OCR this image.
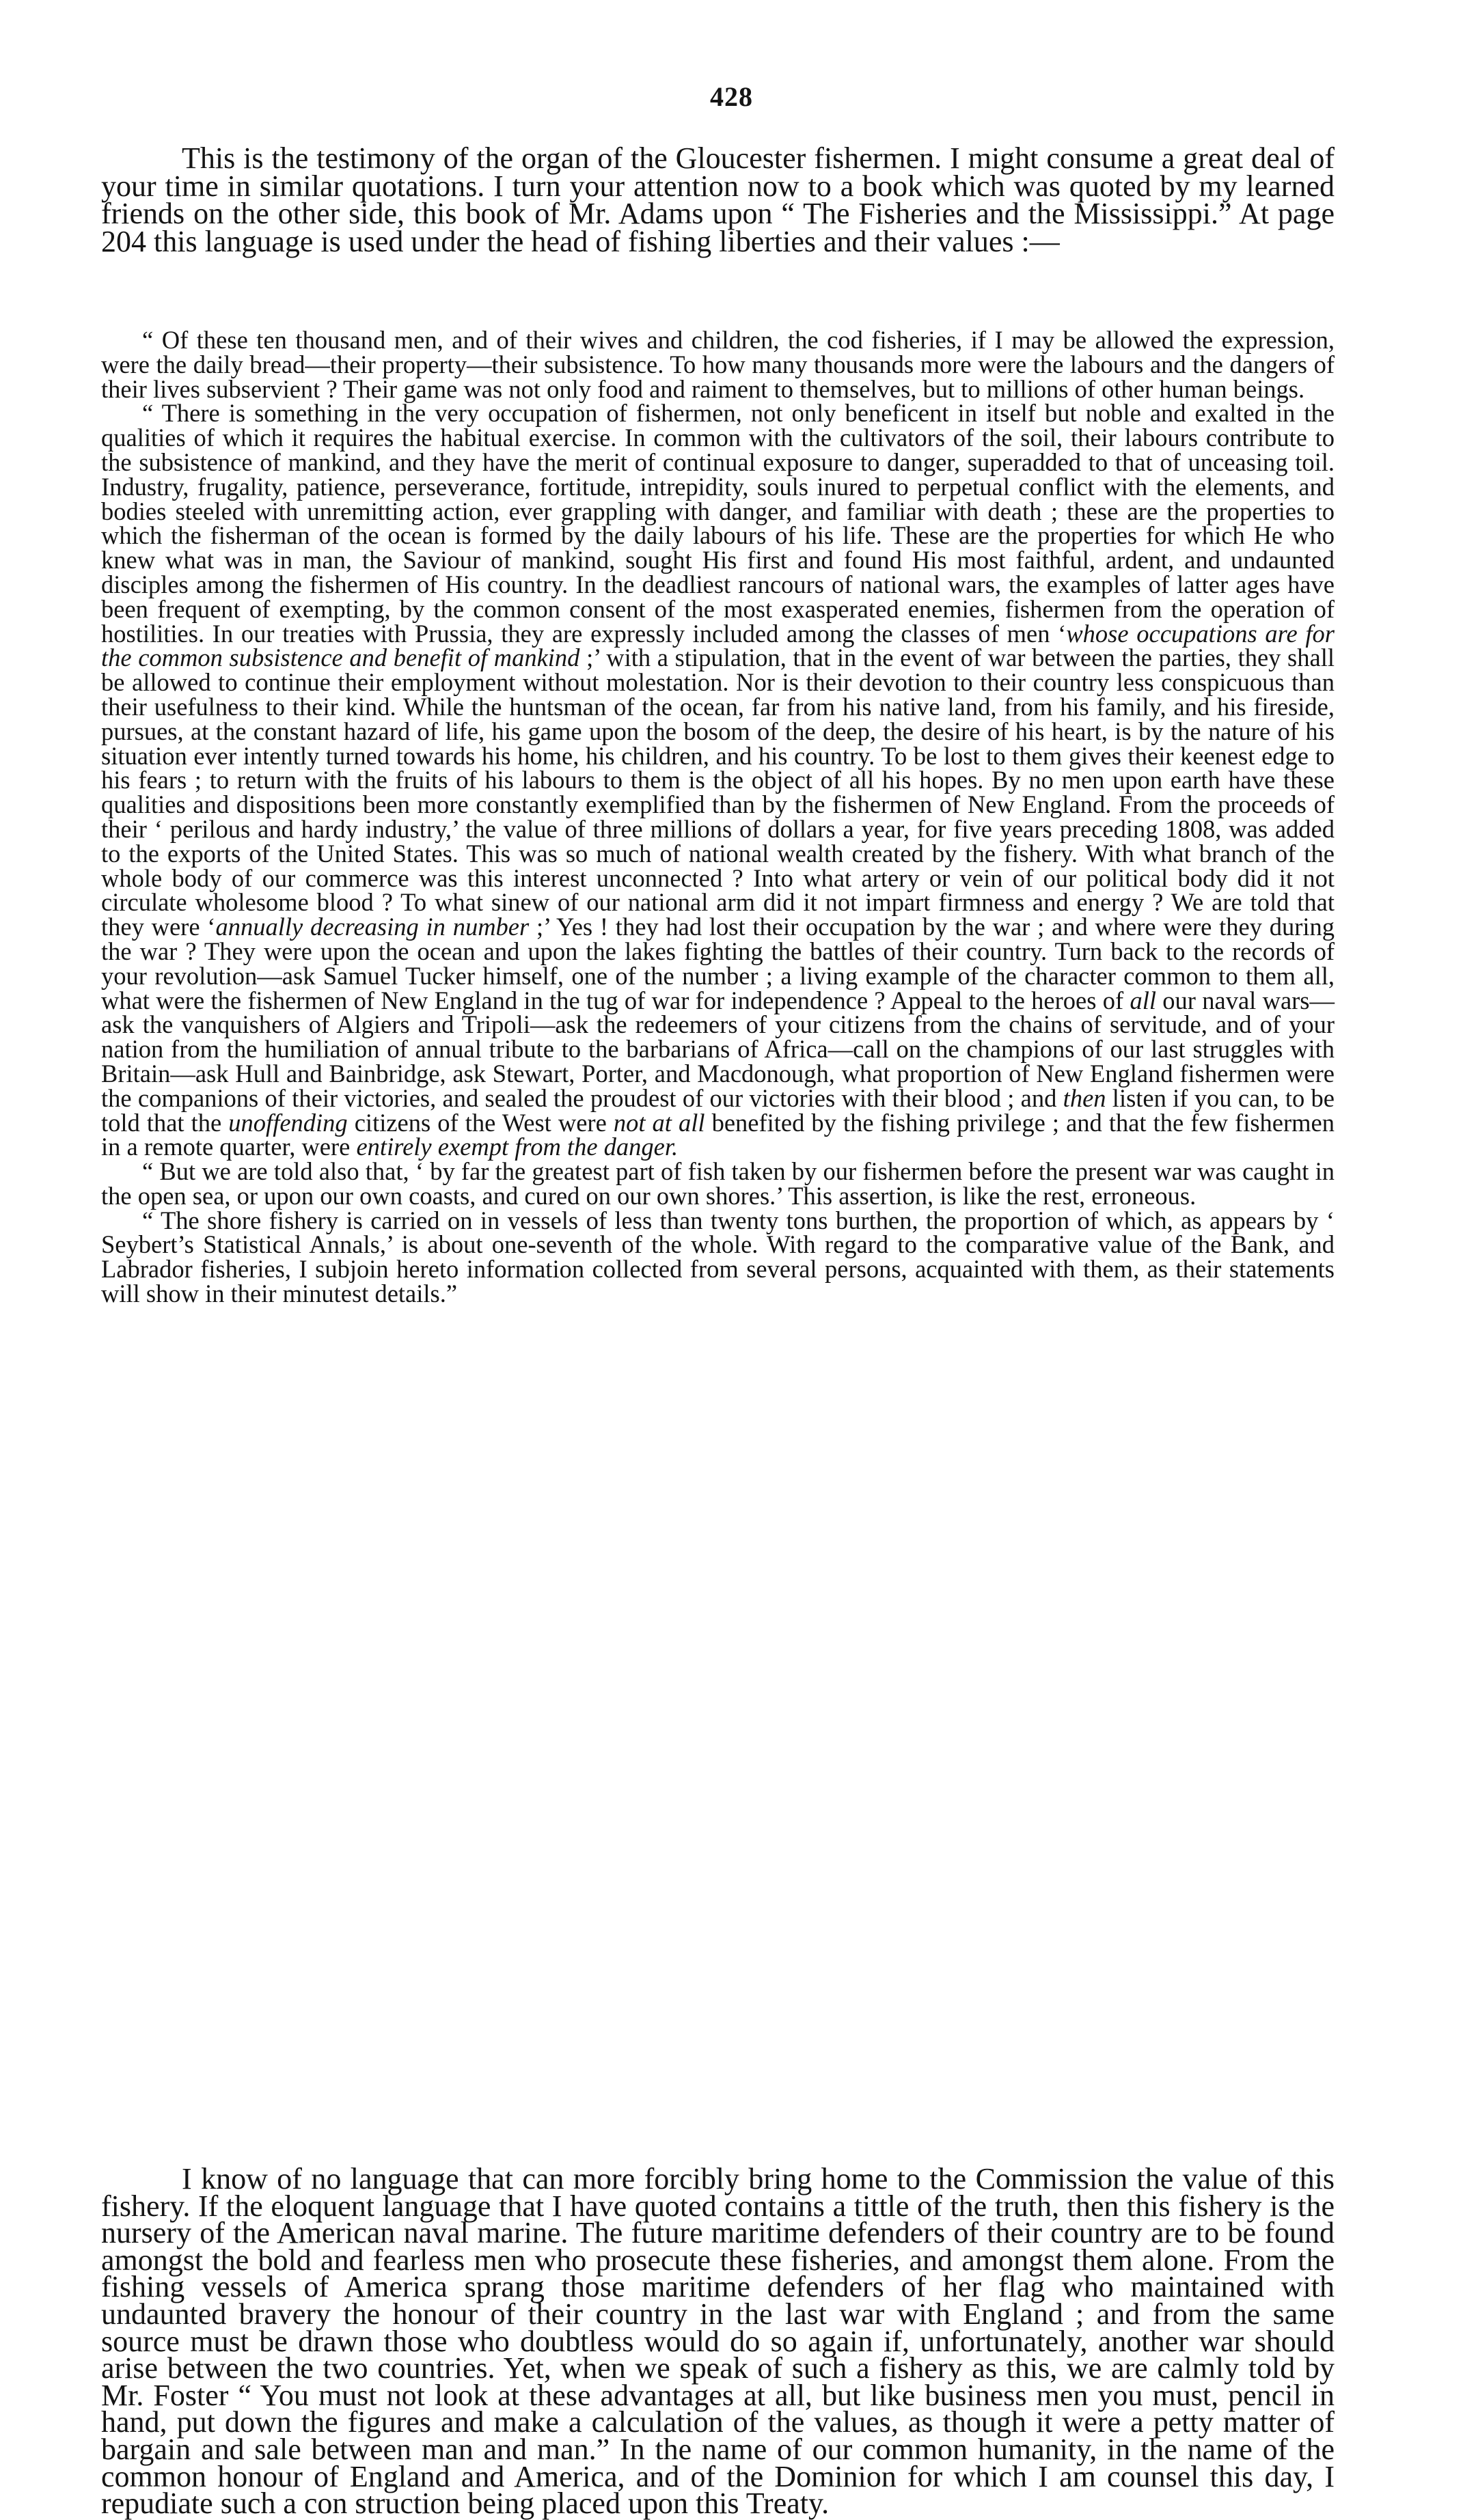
428

This is the testimony of the organ of the Gloucester fishermen. I might consume a great deal of your time in similar quotations. I turn your attention now to a book which was quoted by my learned friends on the other side, this book of Mr. Adams upon “ The Fisheries and the Mississippi.” At page 204 this language is used under the head of fishing liberties and their values :—

“ Of these ten thousand men, and of their wives and children, the cod fisheries, if I may be allowed the expression, were the daily bread—their property—their subsistence. To how many thousands more were the labours and the dangers of their lives subservient ? Their game was not only food and raiment to themselves, but to millions of other human beings.

“ There is something in the very occupation of fishermen, not only beneficent in itself but noble and exalted in the qualities of which it requires the habitual exercise. In common with the cultivators of the soil, their labours contribute to the subsistence of mankind, and they have the merit of continual exposure to danger, superadded to that of unceasing toil. Industry, frugality, patience, perseverance, fortitude, intrepidity, souls inured to perpetual conflict with the elements, and bodies steeled with unremitting action, ever grappling with danger, and familiar with death ; these are the properties to which the fisherman of the ocean is formed by the daily labours of his life. These are the properties for which He who knew what was in man, the Saviour of mankind, sought His first and found His most faithful, ardent, and undaunted disciples among the fishermen of His country. In the deadliest rancours of national wars, the examples of latter ages have been frequent of exempting, by the common consent of the most exasperated enemies, fishermen from the operation of hostilities. In our treaties with Prussia, they are expressly included among the classes of men ‘whose occupations are for the common subsistence and benefit of mankind ;’ with a stipulation, that in the event of war between the parties, they shall be allowed to continue their employment without molestation. Nor is their devotion to their country less conspicuous than their usefulness to their kind. While the huntsman of the ocean, far from his native land, from his family, and his fireside, pursues, at the constant hazard of life, his game upon the bosom of the deep, the desire of his heart, is by the nature of his situation ever intently turned towards his home, his children, and his country. To be lost to them gives their keenest edge to his fears ; to return with the fruits of his labours to them is the object of all his hopes. By no men upon earth have these qualities and dispositions been more constantly exemplified than by the fishermen of New England. From the proceeds of their ‘ perilous and hardy industry,’ the value of three millions of dollars a year, for five years preceding 1808, was added to the exports of the United States. This was so much of national wealth created by the fishery. With what branch of the whole body of our commerce was this interest unconnected ? Into what artery or vein of our political body did it not circulate wholesome blood ? To what sinew of our national arm did it not impart firmness and energy ? We are told that they were ‘annually decreasing in number ;’ Yes ! they had lost their occupation by the war ; and where were they during the war ? They were upon the ocean and upon the lakes fighting the battles of their country. Turn back to the records of your revolution—ask Samuel Tucker himself, one of the number ; a living example of the character common to them all, what were the fishermen of New England in the tug of war for independence ? Appeal to the heroes of all our naval wars—ask the vanquishers of Algiers and Tripoli—ask the redeemers of your citizens from the chains of servitude, and of your nation from the humiliation of annual tribute to the barbarians of Africa—call on the champions of our last struggles with Britain—ask Hull and Bainbridge, ask Stewart, Porter, and Macdonough, what proportion of New England fishermen were the companions of their victories, and sealed the proudest of our victories with their blood ; and then listen if you can, to be told that the unoffending citizens of the West were not at all benefited by the fishing privilege ; and that the few fishermen in a remote quarter, were entirely exempt from the danger.

“ But we are told also that, ‘ by far the greatest part of fish taken by our fishermen before the present war was caught in the open sea, or upon our own coasts, and cured on our own shores.’ This assertion, is like the rest, erroneous.

“ The shore fishery is carried on in vessels of less than twenty tons burthen, the proportion of which, as appears by ‘ Seybert’s Statistical Annals,’ is about one-seventh of the whole. With regard to the comparative value of the Bank, and Labrador fisheries, I subjoin hereto information collected from several persons, acquainted with them, as their statements will show in their minutest details.”

I know of no language that can more forcibly bring home to the Commission the value of this fishery. If the eloquent language that I have quoted contains a tittle of the truth, then this fishery is the nursery of the American naval marine. The future maritime defenders of their country are to be found amongst the bold and fearless men who prosecute these fisheries, and amongst them alone. From the fishing vessels of America sprang those maritime defenders of her flag who maintained with undaunted bravery the honour of their country in the last war with England ; and from the same source must be drawn those who doubtless would do so again if, unfortunately, another war should arise between the two countries. Yet, when we speak of such a fishery as this, we are calmly told by Mr. Foster “ You must not look at these advantages at all, but like business men you must, pencil in hand, put down the figures and make a calculation of the values, as though it were a petty matter of bargain and sale between man and man.” In the name of our common humanity, in the name of the common honour of England and America, and of the Dominion for which I am counsel this day, I repudiate such a con struction being placed upon this Treaty.
